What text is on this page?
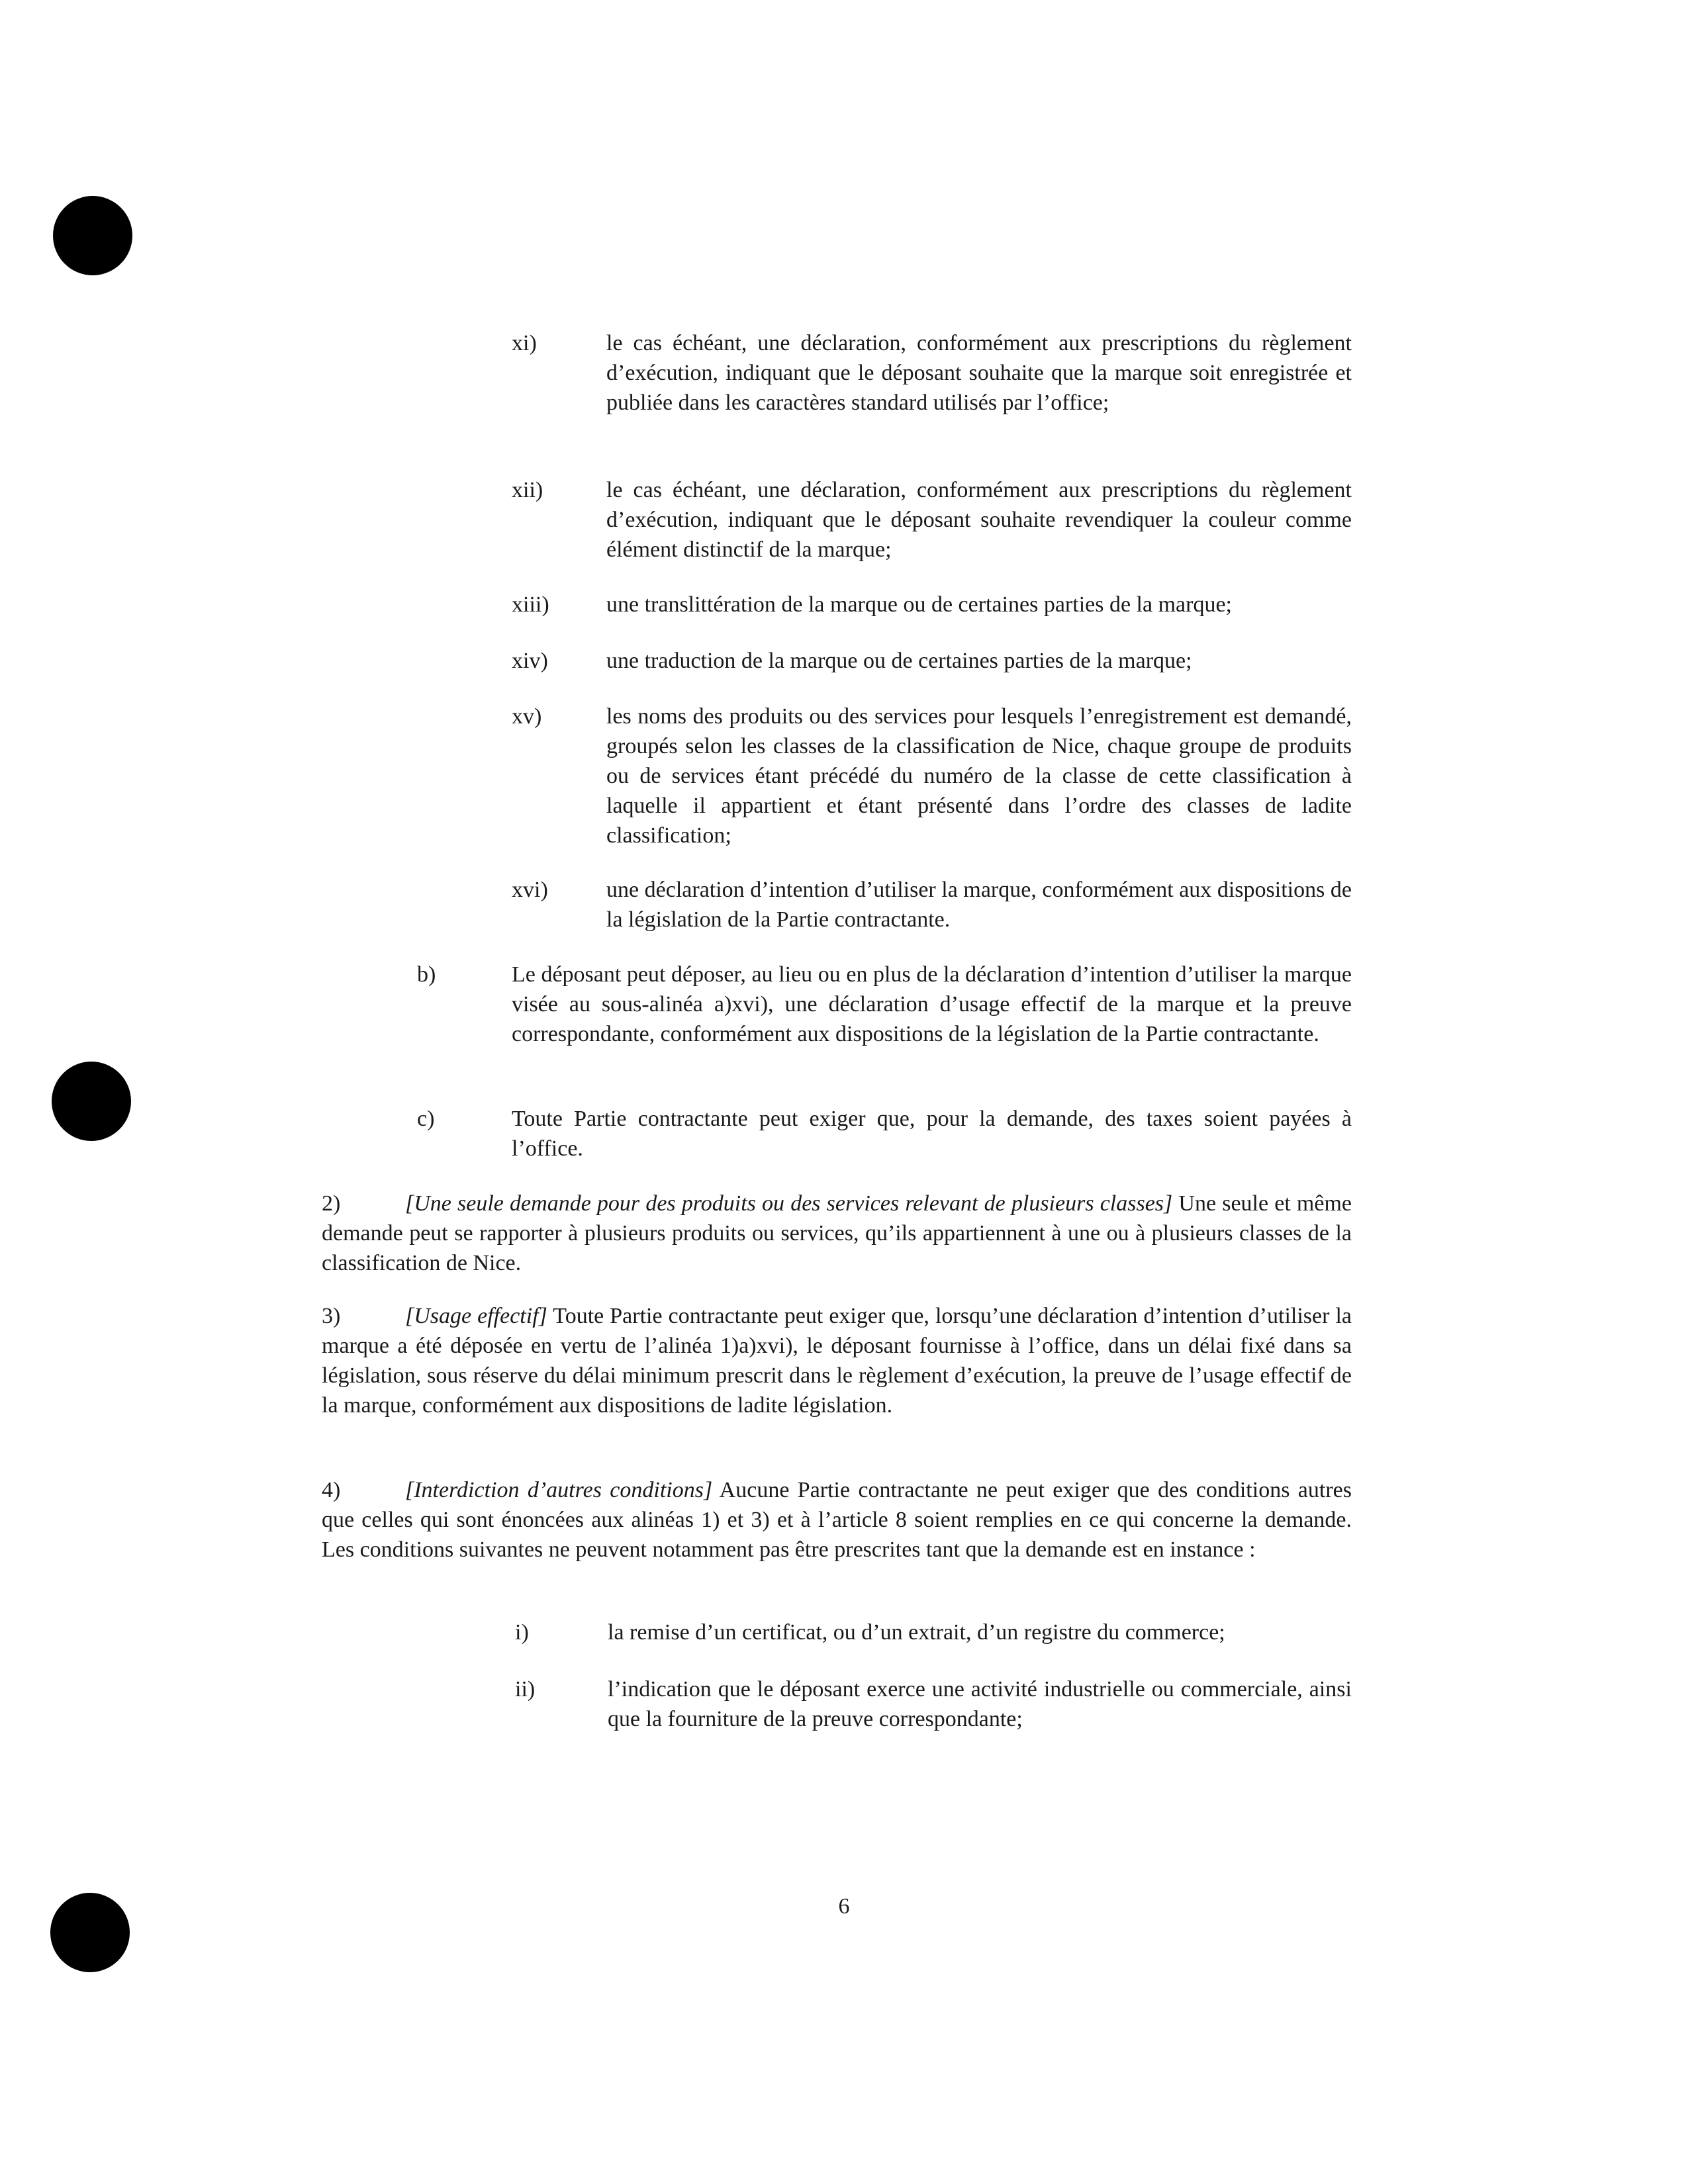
xi)	le cas échéant, une déclaration, conformément aux prescriptions du règlement d’exécution, indiquant que le déposant souhaite que la marque soit enregistrée et publiée dans les caractères standard utilisés par l’office;
xii)	le cas échéant, une déclaration, conformément aux prescriptions du règlement d’exécution, indiquant que le déposant souhaite revendiquer la couleur comme élément distinctif de la marque;
xiii)	une translittération de la marque ou de certaines parties de la marque;
xiv)	une traduction de la marque ou de certaines parties de la marque;
xv)	les noms des produits ou des services pour lesquels l’enregistrement est demandé, groupés selon les classes de la classification de Nice, chaque groupe de produits ou de services étant précédé du numéro de la classe de cette classification à laquelle il appartient et étant présenté dans l’ordre des classes de ladite classification;
xvi)	une déclaration d’intention d’utiliser la marque, conformément aux dispositions de la législation de la Partie contractante.
b)	Le déposant peut déposer, au lieu ou en plus de la déclaration d’intention d’utiliser la marque visée au sous-alinéa a)xvi), une déclaration d’usage effectif de la marque et la preuve correspondante, conformément aux dispositions de la législation de la Partie contractante.
c)	Toute Partie contractante peut exiger que, pour la demande, des taxes soient payées à l’office.
2)	[Une seule demande pour des produits ou des services relevant de plusieurs classes] Une seule et même demande peut se rapporter à plusieurs produits ou services, qu’ils appartiennent à une ou à plusieurs classes de la classification de Nice.
3)	[Usage effectif] Toute Partie contractante peut exiger que, lorsqu’une déclaration d’intention d’utiliser la marque a été déposée en vertu de l’alinéa 1)a)xvi), le déposant fournisse à l’office, dans un délai fixé dans sa législation, sous réserve du délai minimum prescrit dans le règlement d’exécution, la preuve de l’usage effectif de la marque, conformément aux dispositions de ladite législation.
4)	[Interdiction d’autres conditions] Aucune Partie contractante ne peut exiger que des conditions autres que celles qui sont énoncées aux alinéas 1) et 3) et à l’article 8 soient remplies en ce qui concerne la demande. Les conditions suivantes ne peuvent notamment pas être prescrites tant que la demande est en instance :
i)	la remise d’un certificat, ou d’un extrait, d’un registre du commerce;
ii)	l’indication que le déposant exerce une activité industrielle ou commerciale, ainsi que la fourniture de la preuve correspondante;
6
